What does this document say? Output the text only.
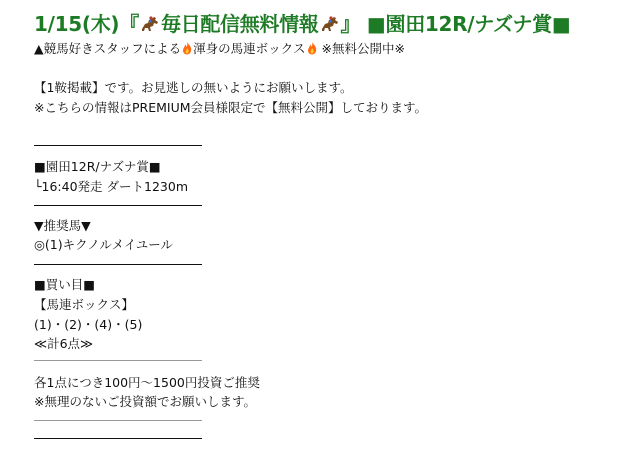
1/15(木)『 毎日配信無料情報 』 ■園田12R/ナズナ賞■
▲競馬好きスタッフによる 渾身の馬連ボックス ※無料公開中※
【1鞍掲載】です。お見逃しの無いようにお願いします。
※こちらの情報はPREMIUM会員様限定で【無料公開】しております。
■園田12R/ナズナ賞■
└16:40発走 ダート1230m
▼推奨馬▼
◎(1)キクノルメイユール
■買い目■
【馬連ボックス】
(1)・(2)・(4)・(5)
≪計6点≫
各1点につき100円～1500円投資ご推奨
※無理のないご投資額でお願いします。
